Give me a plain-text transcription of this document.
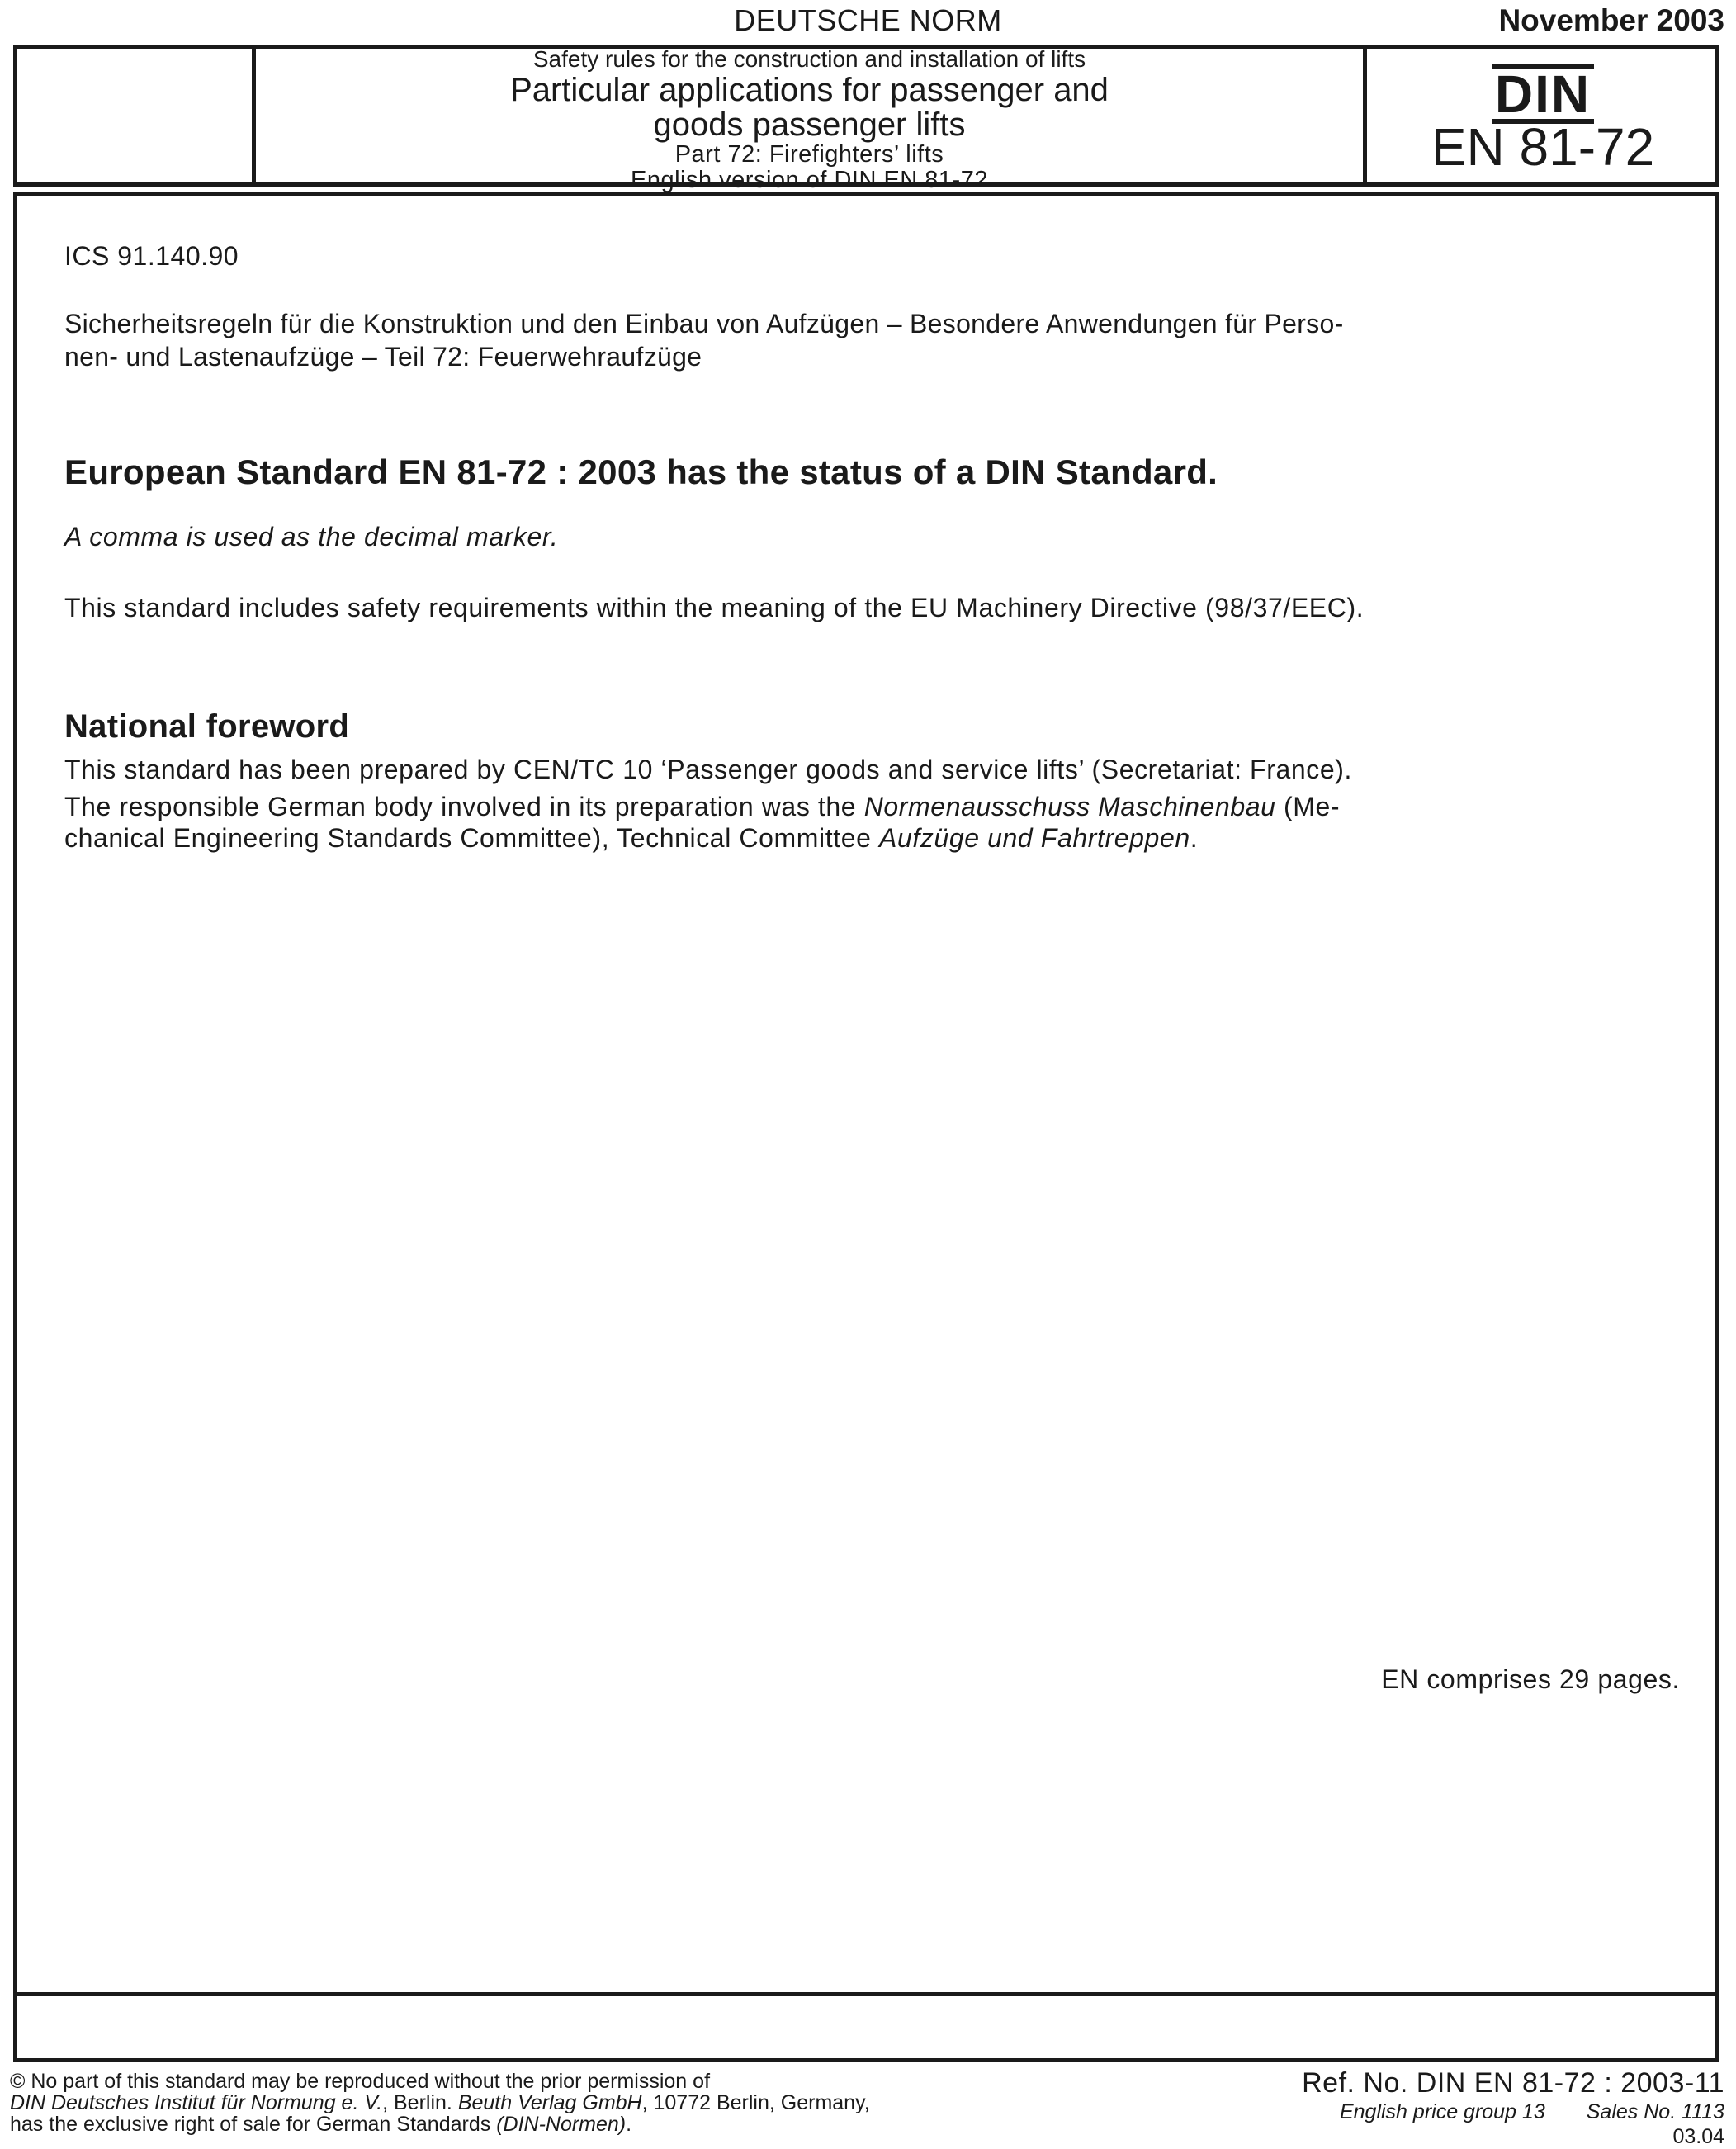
DEUTSCHE NORM	November 2003
Safety rules for the construction and installation of lifts
Particular applications for passenger and
goods passenger lifts
Part 72: Firefighters’ lifts
English version of DIN EN 81-72
DIN
EN 81-72
ICS 91.140.90
Sicherheitsregeln für die Konstruktion und den Einbau von Aufzügen – Besondere Anwendungen für Perso-
nen- und Lastenaufzüge – Teil 72: Feuerwehraufzüge
European Standard EN 81-72 : 2003 has the status of a DIN Standard.
A comma is used as the decimal marker.
This standard includes safety requirements within the meaning of the EU Machinery Directive (98/37/EEC).
National foreword
This standard has been prepared by CEN/TC 10 ‘Passenger goods and service lifts’ (Secretariat: France).
The responsible German body involved in its preparation was the Normenausschuss Maschinenbau (Me-
chanical Engineering Standards Committee), Technical Committee Aufzüge und Fahrtreppen.
EN comprises 29 pages.
© No part of this standard may be reproduced without the prior permission of
DIN Deutsches Institut für Normung e. V., Berlin. Beuth Verlag GmbH, 10772 Berlin, Germany,
has the exclusive right of sale for German Standards (DIN-Normen).
Ref. No. DIN EN 81-72 : 2003-11
English price group 13 Sales No. 1113
03.04
